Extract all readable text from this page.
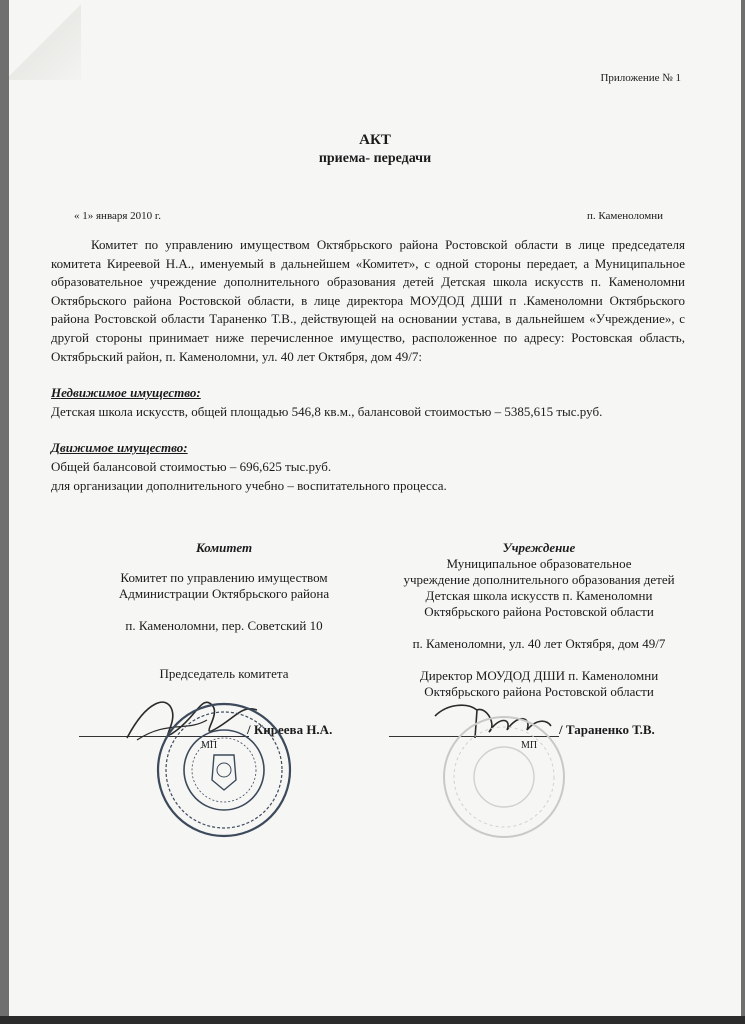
Приложение № 1
АКТ
приема- передачи
« 1» января 2010 г.	п. Каменоломни

Комитет по управлению имуществом Октябрьского района Ростовской области в лице председателя комитета Киреевой Н.А., именуемый в дальнейшем «Комитет», с одной стороны передает, а Муниципальное образовательное учреждение дополнительного образования детей Детская школа искусств п. Каменоломни Октябрьского района Ростовской области, в лице директора МОУДОД ДШИ п .Каменоломни Октябрьского района Ростовской области Тараненко Т.В., действующей на основании устава, в дальнейшем «Учреждение», с другой стороны принимает ниже перечисленное имущество, расположенное по адресу: Ростовская область, Октябрьский район, п. Каменоломни, ул. 40 лет Октября, дом 49/7:

Недвижимое имущество:
Детская школа искусств, общей площадью 546,8 кв.м., балансовой стоимостью – 5385,615 тыс.руб.
Движимое имущество:
Общей балансовой стоимостью – 696,625 тыс.руб.
для организации дополнительного учебно – воспитательного процесса.
Комитет
Комитет по управлению имуществом
Администрации Октябрьского района
п. Каменоломни, пер. Советский 10
Председатель комитета
Учреждение
Муниципальное образовательное
учреждение дополнительного образования детей
Детская школа искусств п. Каменоломни
Октябрьского района Ростовской области
п. Каменоломни, ул. 40 лет Октября, дом 49/7
Директор МОУДОД ДШИ п. Каменоломни
Октябрьского района Ростовской области
/ Киреева Н.А.
МП
/ Тараненко Т.В.
МП
